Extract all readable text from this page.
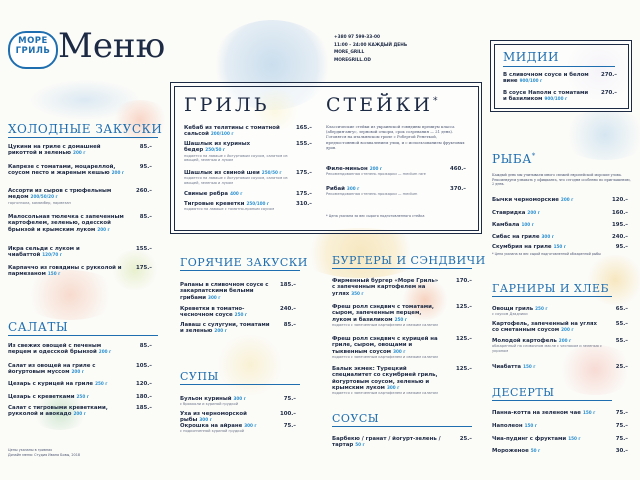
МОРЕ
ГРИЛЬ Меню	+380 97 599-33-00
11:00 – 24:00 КАЖДЫЙ ДЕНЬ
MORE_GRILL
MOREGRILL.OD
ХОЛОДНЫЕ ЗАКУСКИ
Цукини на гриле с домашней рикоттой и зеленью 200 г
85.–
Капрезе с томатами, моцареллой, соусом песто и жареным кешью 200 г
95.–
Ассорти из сыров с трюфельным медом 200/50/20 г
горгонзола, камамбер, пармезан
260.–
Малосольная тюлечка с запеченным картофелем, зеленью, одесской брынзой и крымским луком 200 г
85.–
Икра сельди с луком и чиабаттой 120/70 г
155.–
Карпаччо из говядины с рукколой и пармезаном 150 г
175.–
САЛАТЫ
Из свежих овощей с печеным перцем и одесской брынзой 200 г
85.–
Салат из овощей на гриле с йогуртовым муссом 200 г
105.–
Цезарь с курицей на гриле 250 г	120.–
Цезарь с креветками 250 г	180.–
Салат с тигровыми креветками, рукколой и авокадо 200 г
185.–
Цены указаны в гривнах
Дизайн меню: Студия Ивана Бовы, 2018
ГРИЛЬ
Кебаб из телятины с томатной сальсой 200/100 г
165.–
Шашлык из куриных бедер 250/50 г
подается на лаваше с йогуртовым соусом, салатом из овощей, зеленью и луком
155.–
Шашлык из свиной шеи 250/50 г
подается на лаваше с йогуртовым соусом, салатом из овощей, зеленью и луком
175.–
Свиные ребра 400 г	175.–
Тигровые креветки 250/100 г
подаются на лаваше с томатно-пряным соусом
310.–
СТЕЙКИ*
Классические стейки из украинской говядины премиум класса (абердин-ангус, зерновой откорм, срок созревания — 21 день). Готовятся на итальянском гриле с Робертой Ренеткой, предпостоянной восхвалением улиц, и с использованием фруктовых дров.
Филе-миньон 200 г
Рекомендованная степень прожарки — medium rare
460.–
Рибай 300 г
Рекомендованная степень прожарки — medium
370.–
* Цена указана за вес сырого подготовленного стейка
ГОРЯЧИЕ ЗАКУСКИ
Рапаны в сливочном соусе с закарпатскими белыми грибами 300 г
185.–
Креветки в томатно-чесночном соусе 250 г
240.–
Лаваш с сулугуни, томатами и зеленью 200 г
85.–
СУПЫ
Бульон куриный 300 г
с брокколи и куриной грудкой
75.–
Уха из черноморской рыбы 300 г
100.–
Окрошка на айране 300 г
с подкопченной куриной грудкой
75.–
БУРГЕРЫ И СЭНДВИЧИ
Фирменный бургер «Море Гриль» с запеченным картофелем на углях 350 г
170.–
Фреш ролл сэндвич с томатами, сыром, запеченным перцем, луком и базиликом 250 г
подается с запеченным картофелем и свежим салатом
125.–
Фреш ролл сэндвич с курицей на гриле, сыром, овощами и тыквенным соусом 300 г
подается с запеченным картофелем и свежим салатом
125.–
Балык экмек: Турецкий специалитет со скумбрией гриль, йогуртовым соусом, зеленью и крымским луком 300 г
подается с запеченным картофелем и свежим салатом
125.–
СОУСЫ
Барбекю / гранат / йогурт-зелень / тартар 50 г
25.–
МИДИИ
В сливочном соусе и белом вине 900/100 г
270.–
В соусе Наполи с томатами и базиликом 900/100 г
270.–
РЫБА*
Каждый день мы учитываем много свежей европейской морские улова. Рекомендуем узнавать у официанта, что сегодня особенно по приглашению, 2 день.
Бычки черноморские 200 г	120.–
Ставридка 200 г	160.–
Камбала 100 г	195.–
Сибас на гриле 300 г	240.–
Скумбрия на гриле 150 г	95.–
* Цена указана за вес сырой подготовленной обжаренной рыбы
ГАРНИРЫ И ХЛЕБ
Овощи гриль 250 г
с соусом Дзадзики
65.–
Картофель, запеченный на углях со сметанным соусом 200 г
55.–
Молодой картофель 200 г
обжаренный на сливочном масле с чесноком и зеленью с укропом
55.–
Чиабатта 150 г	25.–
ДЕСЕРТЫ
Панна-котта на зеленом чае 150 г	75.–
Наполеон 150 г	75.–
Чиа-пудинг с фруктами 150 г	75.–
Мороженое 50 г	30.–
